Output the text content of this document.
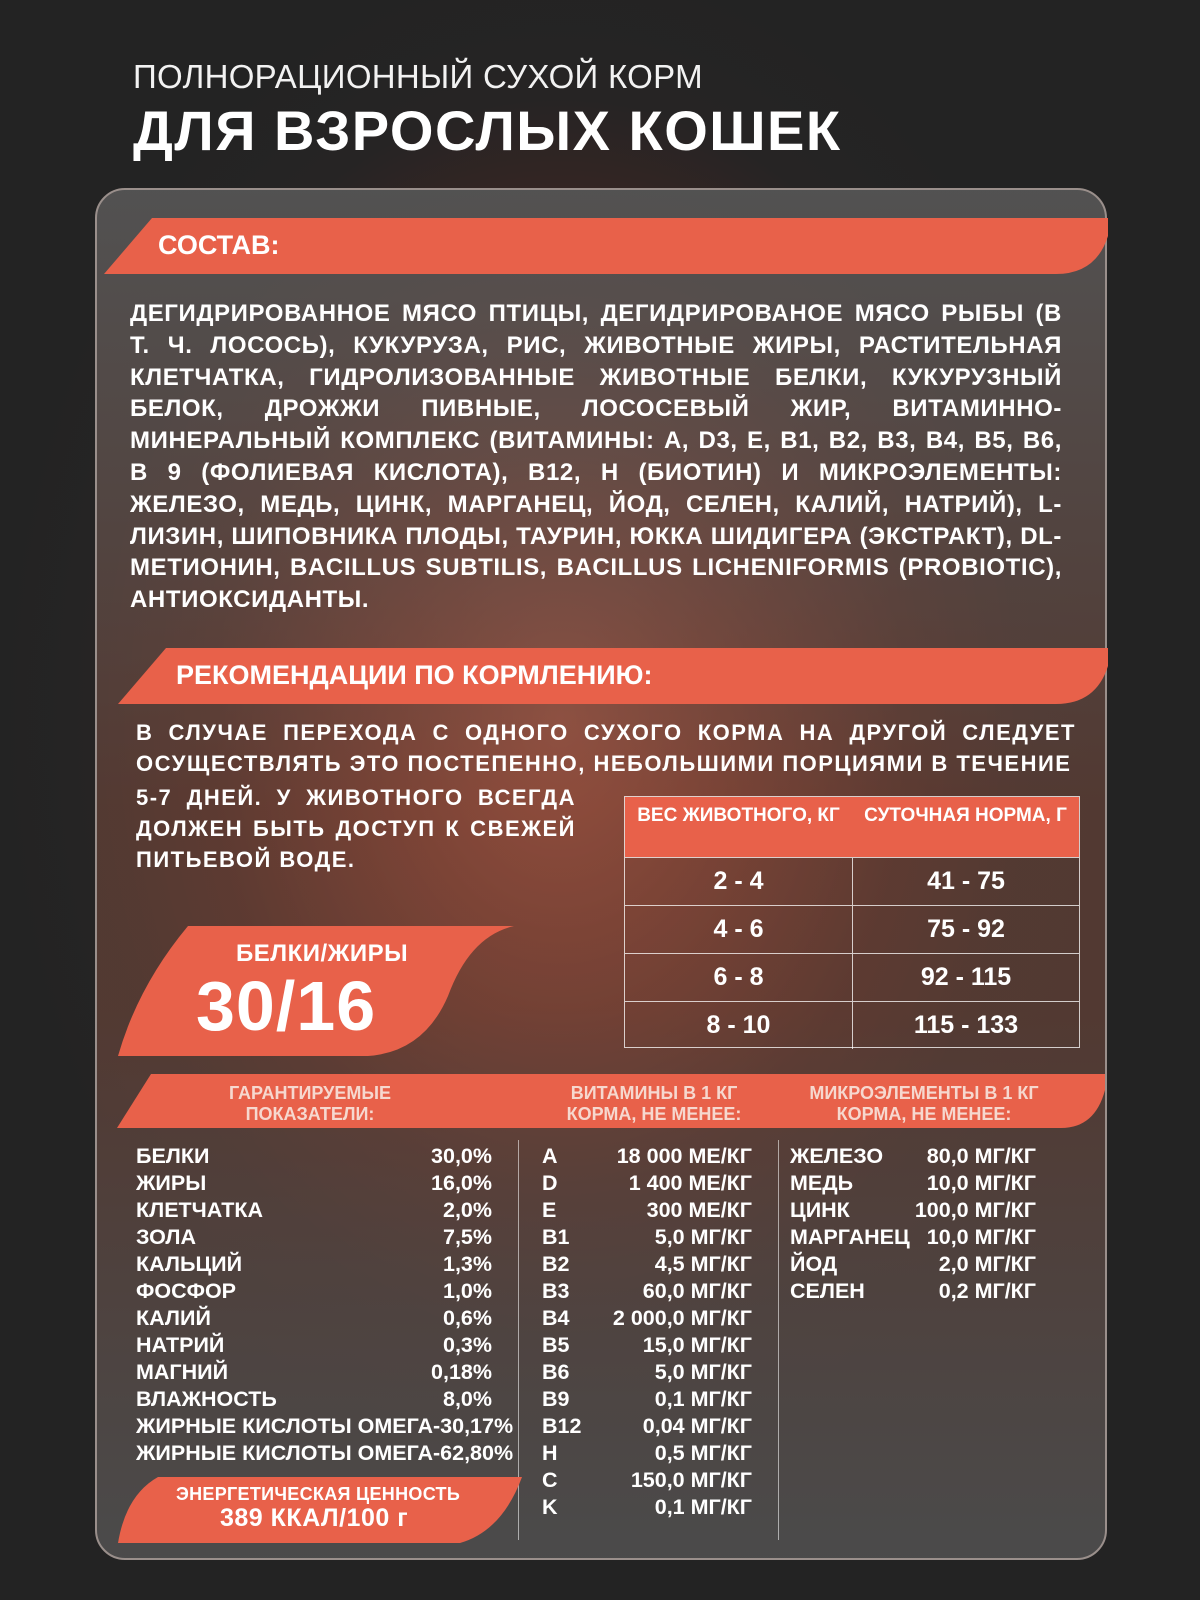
ПОЛНОРАЦИОННЫЙ СУХОЙ КОРМ
ДЛЯ ВЗРОСЛЫХ КОШЕК
СОСТАВ:
ДЕГИДРИРОВАННОЕ МЯСО ПТИЦЫ, ДЕГИДРИРОВАНОЕ МЯСО РЫБЫ (В Т. Ч. ЛОСОСЬ), КУКУРУЗА, РИС, ЖИВОТНЫЕ ЖИРЫ, РАСТИТЕЛЬНАЯ КЛЕТЧАТКА, ГИДРОЛИЗОВАННЫЕ ЖИВОТНЫЕ БЕЛКИ, КУКУРУЗНЫЙ БЕЛОК, ДРОЖЖИ ПИВНЫЕ, ЛОСОСЕВЫЙ ЖИР, ВИТАМИННО-МИНЕРАЛЬНЫЙ КОМПЛЕКС (ВИТАМИНЫ: А, D3, Е, В1, В2, В3, В4, В5, В6, В 9 (ФОЛИЕВАЯ КИСЛОТА), В12, Н (БИОТИН) И МИКРОЭЛЕМЕНТЫ: ЖЕЛЕЗО, МЕДЬ, ЦИНК, МАРГАНЕЦ, ЙОД, СЕЛЕН, КАЛИЙ, НАТРИЙ), L-ЛИЗИН, ШИПОВНИКА ПЛОДЫ, ТАУРИН, ЮККА ШИДИГЕРА (ЭКСТРАКТ), DL-МЕТИОНИН, BACILLUS SUBTILIS, BACILLUS LICHENIFORMIS (PROBIOTIC), АНТИОКСИДАНТЫ.
РЕКОМЕНДАЦИИ ПО КОРМЛЕНИЮ:
В СЛУЧАЕ ПЕРЕХОДА С ОДНОГО СУХОГО КОРМА НА ДРУГОЙ СЛЕДУЕТ ОСУЩЕСТВЛЯТЬ ЭТО ПОСТЕПЕННО, НЕБОЛЬШИМИ ПОРЦИЯМИ В ТЕЧЕНИЕ
5-7 ДНЕЙ. У ЖИВОТНОГО ВСЕГДА ДОЛЖЕН БЫТЬ ДОСТУП К СВЕЖЕЙ ПИТЬЕВОЙ ВОДЕ.
ВЕС ЖИВОТНОГО, КГ	СУТОЧНАЯ НОРМА, Г
2 - 4	41 - 75
4 - 6	75 - 92
6 - 8	92 - 115
8 - 10	115 - 133
БЕЛКИ/ЖИРЫ
30/16
ГАРАНТИРУЕМЫЕ ПОКАЗАТЕЛИ:
ВИТАМИНЫ В 1 КГ КОРМА, НЕ МЕНЕЕ:
МИКРОЭЛЕМЕНТЫ В 1 КГ КОРМА, НЕ МЕНЕЕ:
БЕЛКИ	30,0%
ЖИРЫ	16,0%
КЛЕТЧАТКА	2,0%
ЗОЛА	7,5%
КАЛЬЦИЙ	1,3%
ФОСФОР	1,0%
КАЛИЙ	0,6%
НАТРИЙ	0,3%
МАГНИЙ	0,18%
ВЛАЖНОСТЬ	8,0%
ЖИРНЫЕ КИСЛОТЫ ОМЕГА-3 0,17%
ЖИРНЫЕ КИСЛОТЫ ОМЕГА-6 2,80%
A	18 000 МЕ/КГ
D	1 400 МЕ/КГ
E	300 МЕ/КГ
B1	5,0 МГ/КГ
B2	4,5 МГ/КГ
B3	60,0 МГ/КГ
B4 2 000,0 МГ/КГ
B5	15,0 МГ/КГ
B6	5,0 МГ/КГ
B9	0,1 МГ/КГ
B12	0,04 МГ/КГ
H	0,5 МГ/КГ
C	150,0 МГ/КГ
K	0,1 МГ/КГ
ЖЕЛЕЗО 80,0 МГ/КГ
МЕДЬ	10,0 МГ/КГ
ЦИНК	100,0 МГ/КГ
МАРГАНЕЦ 10,0 МГ/КГ
ЙОД	2,0 МГ/КГ
СЕЛЕН	0,2 МГ/КГ
ЭНЕРГЕТИЧЕСКАЯ ЦЕННОСТЬ
389 ККАЛ/100 г
